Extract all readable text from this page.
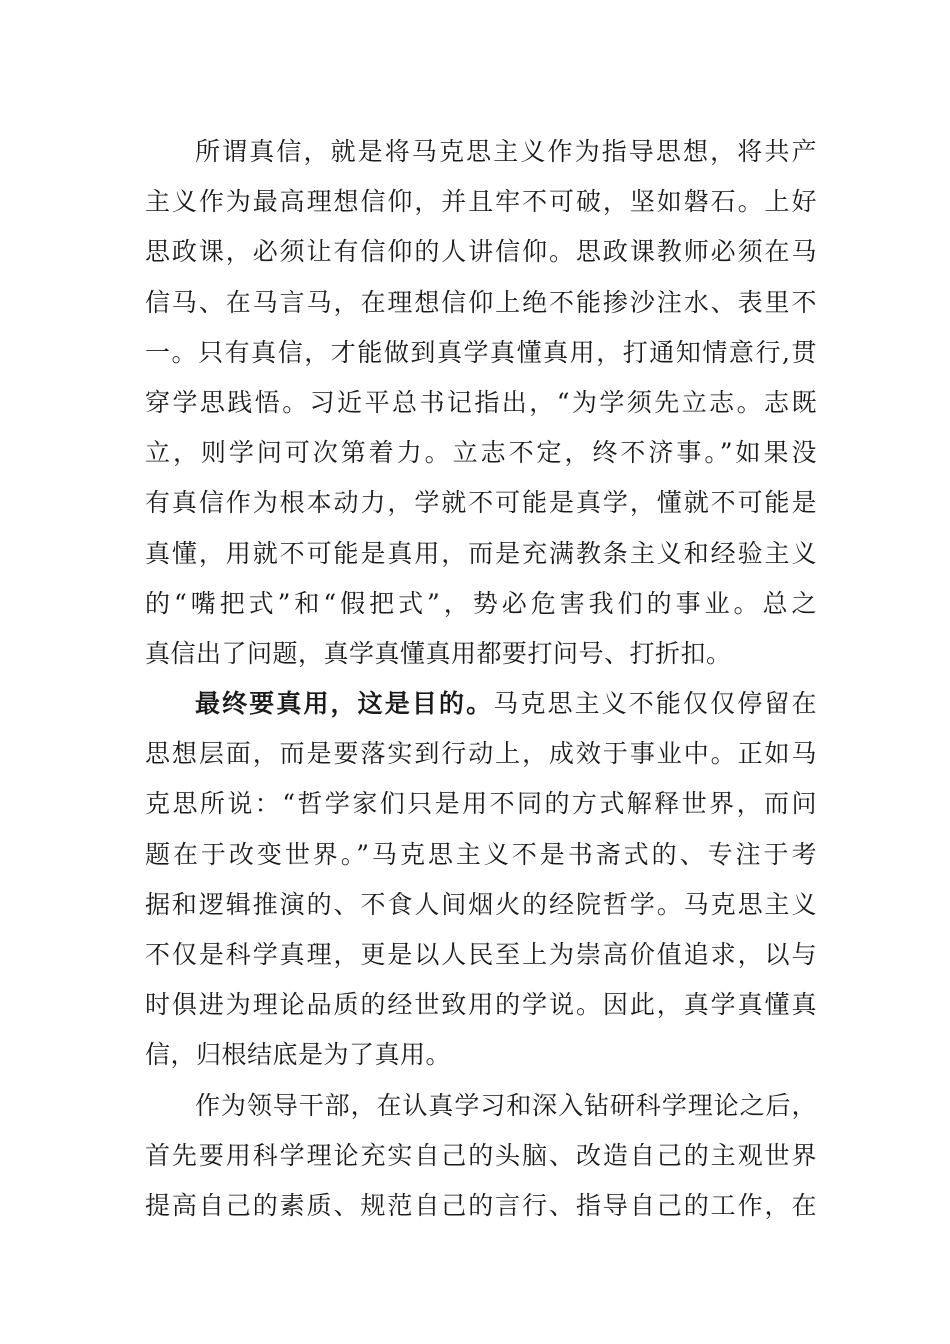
所谓真信，就是将马克思主义作为指导思想，将共产
主义作为最高理想信仰，并且牢不可破，坚如磐石。上好
思政课，必须让有信仰的人讲信仰。思政课教师必须在马
信马、在马言马，在理想信仰上绝不能掺沙注水、表里不
一。只有真信，才能做到真学真懂真用，打通知情意行,贯
穿学思践悟。习近平总书记指出，“为学须先立志。志既
立，则学问可次第着力。立志不定，终不济事。”如果没
有真信作为根本动力，学就不可能是真学，懂就不可能是
真懂，用就不可能是真用，而是充满教条主义和经验主义
的“嘴把式”和“假把式”，势必危害我们的事业。总之
真信出了问题，真学真懂真用都要打问号、打折扣。
最终要真用，这是目的。马克思主义不能仅仅停留在
思想层面，而是要落实到行动上，成效于事业中。正如马
克思所说：“哲学家们只是用不同的方式解释世界，而问
题在于改变世界。”马克思主义不是书斋式的、专注于考
据和逻辑推演的、不食人间烟火的经院哲学。马克思主义
不仅是科学真理，更是以人民至上为崇高价值追求，以与
时俱进为理论品质的经世致用的学说。因此，真学真懂真
信，归根结底是为了真用。
作为领导干部，在认真学习和深入钻研科学理论之后，
首先要用科学理论充实自己的头脑、改造自己的主观世界
提高自己的素质、规范自己的言行、指导自己的工作，在
